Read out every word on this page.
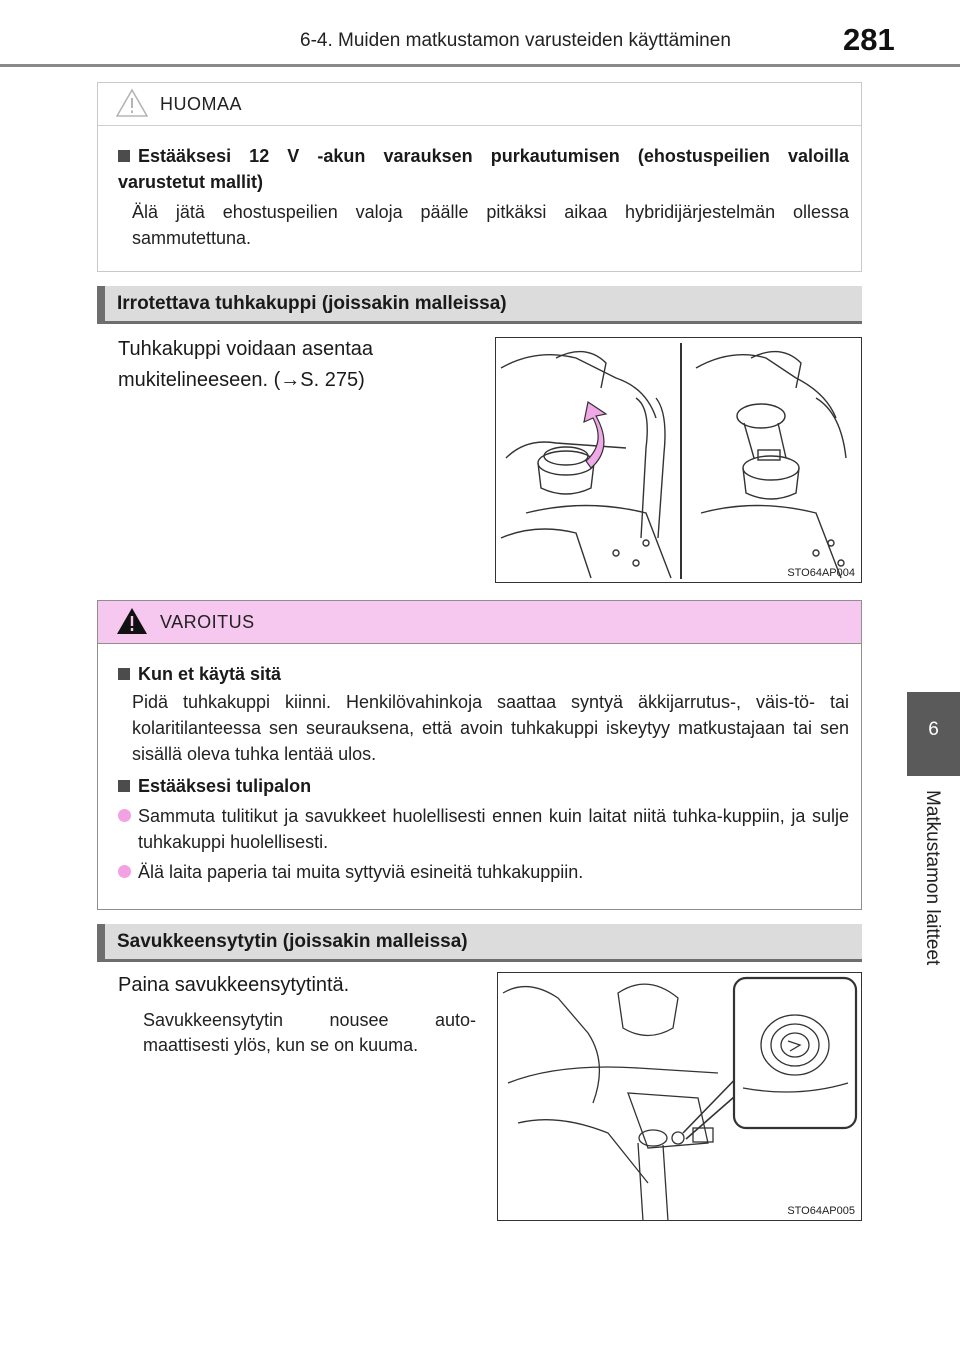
6-4. Muiden matkustamon varusteiden käyttäminen	281
6
Matkustamon laitteet
HUOMAA
Estääksesi 12 V -akun varauksen purkautumisen (ehostuspeilien valoilla varustetut mallit)
Älä jätä ehostuspeilien valoja päälle pitkäksi aikaa hybridijärjestelmän ollessa sammutettuna.
Irrotettava tuhkakuppi (joissakin malleissa)
Tuhkakuppi voidaan asentaa
mukitelineeseen. (→S. 275)
STO64AP004
VAROITUS
Kun et käytä sitä
Pidä tuhkakuppi kiinni. Henkilövahinkoja saattaa syntyä äkkijarrutus-, väis-tö- tai kolaritilanteessa sen seurauksena, että avoin tuhkakuppi iskeytyy matkustajaan tai sen sisällä oleva tuhka lentää ulos.
Estääksesi tulipalon
Sammuta tulitikut ja savukkeet huolellisesti ennen kuin laitat niitä tuhka-kuppiin, ja sulje tuhkakuppi huolellisesti.
Älä laita paperia tai muita syttyviä esineitä tuhkakuppiin.
Savukkeensytytin (joissakin malleissa)
Paina savukkeensytytintä.
Savukkeensytytin nousee auto-maattisesti ylös, kun se on kuuma.
STO64AP005
